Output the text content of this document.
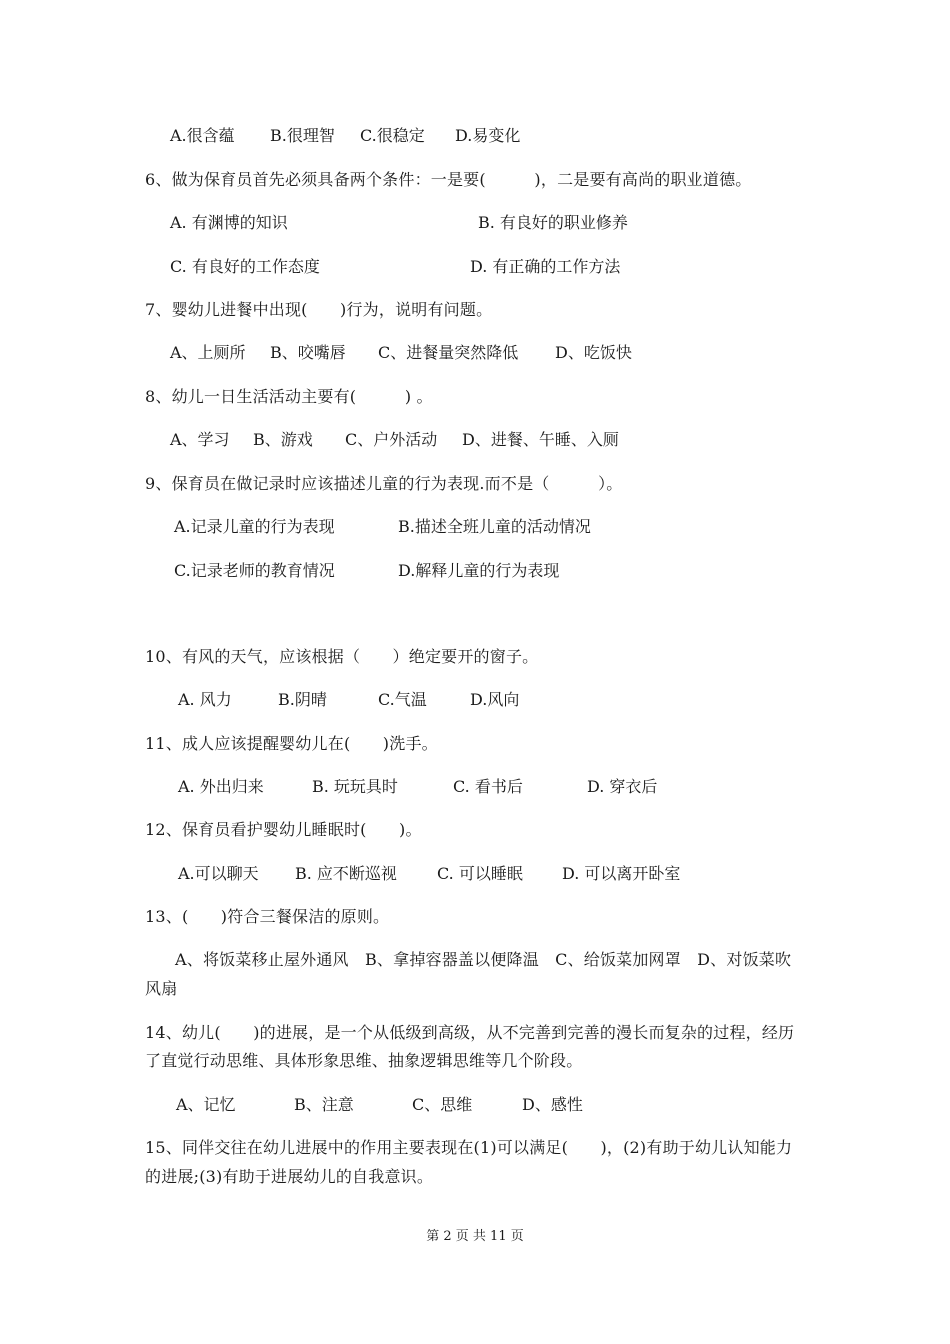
A.很含蕴 B.很理智 C.很稳定 D.易变化
6、做为保育员首先必须具备两个条件：一是要(　　　)，二是要有高尚的职业道德。
A. 有渊博的知识	B. 有良好的职业修养
C. 有良好的工作态度	D. 有正确的工作方法
7、婴幼儿进餐中出现(　　)行为，说明有问题。
A、上厕所 B、咬嘴唇 C、进餐量突然降低 D、吃饭快
8、幼儿一日生活活动主要有(　　　) 。
A、学习 B、游戏 C、户外活动 D、进餐、午睡、入厕
9、保育员在做记录时应该描述儿童的行为表现.而不是（　　　）。
A.记录儿童的行为表现	B.描述全班儿童的活动情况
C.记录老师的教育情况	D.解释儿童的行为表现
10、有风的天气，应该根据（　　）绝定要开的窗子。
A. 风力	B.阴晴	C.气温	D.风向
11、成人应该提醒婴幼儿在(　　)洗手。
A. 外出归来	B. 玩玩具时	C. 看书后	D. 穿衣后
12、保育员看护婴幼儿睡眠时(　　)。
A.可以聊天 B. 应不断巡视	C. 可以睡眠 D. 可以离开卧室
13、(　　)符合三餐保洁的原则。
A、将饭菜移止屋外通风　B、拿掉容器盖以便降温　C、给饭菜加网罩　D、对饭菜吹
风扇
14、幼儿(　　)的进展，是一个从低级到高级，从不完善到完善的漫长而复杂的过程，经历
了直觉行动思维、具体形象思维、抽象逻辑思维等几个阶段。
A、记忆	B、注意	C、思维	D、感性
15、同伴交往在幼儿进展中的作用主要表现在(1)可以满足(　　)，(2)有助于幼儿认知能力
的进展;(3)有助于进展幼儿的自我意识。
第 2 页 共 11 页
